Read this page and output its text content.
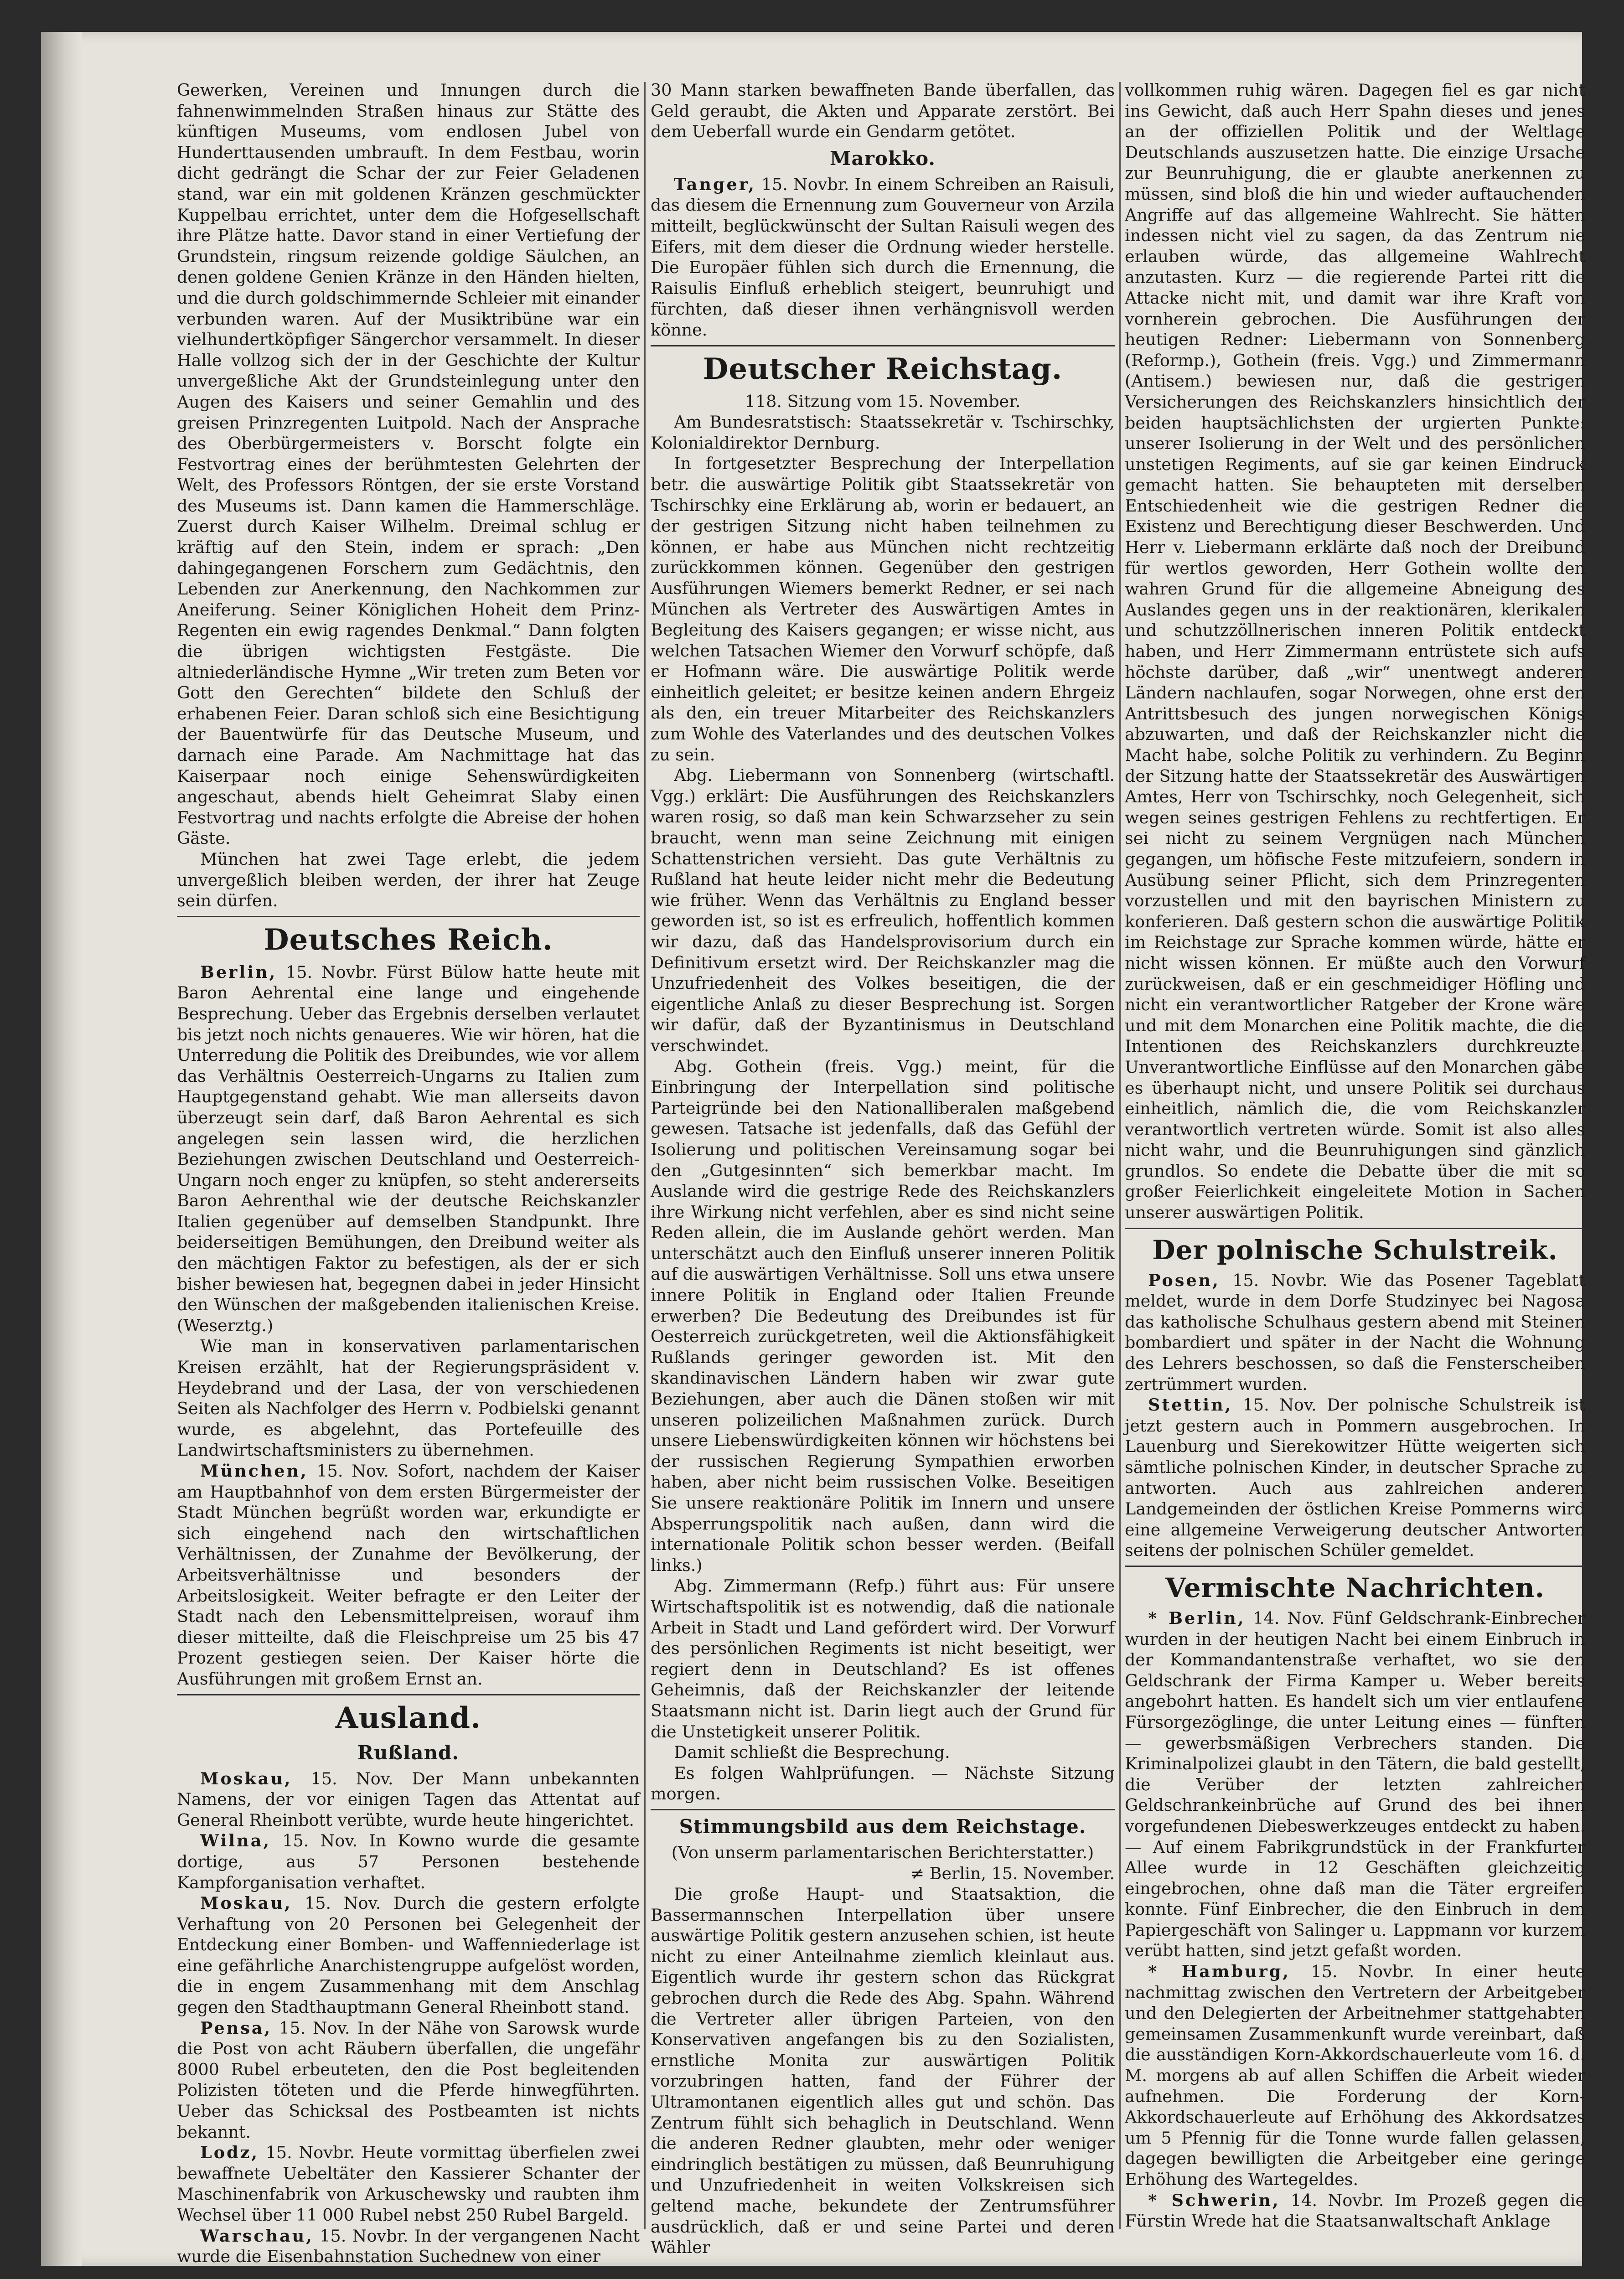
Gewerken, Vereinen und Innungen durch die fahnenwimmelnden Straßen hinaus zur Stätte des künftigen Museums, vom endlosen Jubel von Hunderttausenden umbrauft. In dem Festbau, worin dicht gedrängt die Schar der zur Feier Geladenen stand, war ein mit goldenen Kränzen geschmückter Kuppelbau errichtet, unter dem die Hofgesellschaft ihre Plätze hatte. Davor stand in einer Vertiefung der Grundstein, ringsum reizende goldige Säulchen, an denen goldene Genien Kränze in den Händen hielten, und die durch goldschimmernde Schleier mit einander verbunden waren. Auf der Musiktribüne war ein vielhundertköpfiger Sängerchor versammelt. In dieser Halle vollzog sich der in der Geschichte der Kultur unvergeßliche Akt der Grundsteinlegung unter den Augen des Kaisers und seiner Gemahlin und des greisen Prinzregenten Luitpold. Nach der Ansprache des Oberbürgermeisters v. Borscht folgte ein Festvortrag eines der berühmtesten Gelehrten der Welt, des Professors Röntgen, der sie erste Vorstand des Museums ist. Dann kamen die Hammerschläge. Zuerst durch Kaiser Wilhelm. Dreimal schlug er kräftig auf den Stein, indem er sprach: „Den dahingegangenen Forschern zum Gedächtnis, den Lebenden zur Anerkennung, den Nachkommen zur Aneiferung. Seiner Königlichen Hoheit dem Prinz-Regenten ein ewig ragendes Denkmal.“ Dann folgten die übrigen wichtigsten Festgäste. Die altniederländische Hymne „Wir treten zum Beten vor Gott den Gerechten“ bildete den Schluß der erhabenen Feier. Daran schloß sich eine Besichtigung der Bauentwürfe für das Deutsche Museum, und darnach eine Parade. Am Nachmittage hat das Kaiserpaar noch einige Sehenswürdigkeiten angeschaut, abends hielt Geheimrat Slaby einen Festvortrag und nachts erfolgte die Abreise der hohen Gäste.

München hat zwei Tage erlebt, die jedem unvergeßlich bleiben werden, der ihrer hat Zeuge sein dürfen.

Deutsches Reich.

Berlin, 15. Novbr. Fürst Bülow hatte heute mit Baron Aehrental eine lange und eingehende Besprechung. Ueber das Ergebnis derselben verlautet bis jetzt noch nichts genaueres. Wie wir hören, hat die Unterredung die Politik des Dreibundes, wie vor allem das Verhältnis Oesterreich-Ungarns zu Italien zum Hauptgegenstand gehabt. Wie man allerseits davon überzeugt sein darf, daß Baron Aehrental es sich angelegen sein lassen wird, die herzlichen Beziehungen zwischen Deutschland und Oesterreich-Ungarn noch enger zu knüpfen, so steht andererseits Baron Aehrenthal wie der deutsche Reichskanzler Italien gegenüber auf demselben Standpunkt. Ihre beiderseitigen Bemühungen, den Dreibund weiter als den mächtigen Faktor zu befestigen, als der er sich bisher bewiesen hat, begegnen dabei in jeder Hinsicht den Wünschen der maßgebenden italienischen Kreise. (Weserztg.)

Wie man in konservativen parlamentarischen Kreisen erzählt, hat der Regierungspräsident v. Heydebrand und der Lasa, der von verschiedenen Seiten als Nachfolger des Herrn v. Podbielski genannt wurde, es abgelehnt, das Portefeuille des Landwirtschaftsministers zu übernehmen.

München, 15. Nov. Sofort, nachdem der Kaiser am Hauptbahnhof von dem ersten Bürgermeister der Stadt München begrüßt worden war, erkundigte er sich eingehend nach den wirtschaftlichen Verhältnissen, der Zunahme der Bevölkerung, der Arbeitsverhältnisse und besonders der Arbeitslosigkeit. Weiter befragte er den Leiter der Stadt nach den Lebensmittelpreisen, worauf ihm dieser mitteilte, daß die Fleischpreise um 25 bis 47 Prozent gestiegen seien. Der Kaiser hörte die Ausführungen mit großem Ernst an.

Ausland.
Rußland.

Moskau, 15. Nov. Der Mann unbekannten Namens, der vor einigen Tagen das Attentat auf General Rheinbott verübte, wurde heute hingerichtet.

Wilna, 15. Nov. In Kowno wurde die gesamte dortige, aus 57 Personen bestehende Kampforganisation verhaftet.

Moskau, 15. Nov. Durch die gestern erfolgte Verhaftung von 20 Personen bei Gelegenheit der Entdeckung einer Bomben- und Waffenniederlage ist eine gefährliche Anarchistengruppe aufgelöst worden, die in engem Zusammenhang mit dem Anschlag gegen den Stadthauptmann General Rheinbott stand.

Pensa, 15. Nov. In der Nähe von Sarowsk wurde die Post von acht Räubern überfallen, die ungefähr 8000 Rubel erbeuteten, den die Post begleitenden Polizisten töteten und die Pferde hinwegführten. Ueber das Schicksal des Postbeamten ist nichts bekannt.

Lodz, 15. Novbr. Heute vormittag überfielen zwei bewaffnete Uebeltäter den Kassierer Schanter der Maschinenfabrik von Arkuschewsky und raubten ihm Wechsel über 11 000 Rubel nebst 250 Rubel Bargeld.

Warschau, 15. Novbr. In der vergangenen Nacht wurde die Eisenbahnstation Suchednew von einer

30 Mann starken bewaffneten Bande überfallen, das Geld geraubt, die Akten und Apparate zerstört. Bei dem Ueberfall wurde ein Gendarm getötet.

Marokko.

Tanger, 15. Novbr. In einem Schreiben an Raisuli, das diesem die Ernennung zum Gouverneur von Arzila mitteilt, beglückwünscht der Sultan Raisuli wegen des Eifers, mit dem dieser die Ordnung wieder herstelle. Die Europäer fühlen sich durch die Ernennung, die Raisulis Einfluß erheblich steigert, beunruhigt und fürchten, daß dieser ihnen verhängnisvoll werden könne.

Deutscher Reichstag.

118. Sitzung vom 15. November.

Am Bundesratstisch: Staatssekretär v. Tschirschky, Kolonialdirektor Dernburg.

In fortgesetzter Besprechung der Interpellation betr. die auswärtige Politik gibt Staatssekretär von Tschirschky eine Erklärung ab, worin er bedauert, an der gestrigen Sitzung nicht haben teilnehmen zu können, er habe aus München nicht rechtzeitig zurückkommen können. Gegenüber den gestrigen Ausführungen Wiemers bemerkt Redner, er sei nach München als Vertreter des Auswärtigen Amtes in Begleitung des Kaisers gegangen; er wisse nicht, aus welchen Tatsachen Wiemer den Vorwurf schöpfe, daß er Hofmann wäre. Die auswärtige Politik werde einheitlich geleitet; er besitze keinen andern Ehrgeiz als den, ein treuer Mitarbeiter des Reichskanzlers zum Wohle des Vaterlandes und des deutschen Volkes zu sein.

Abg. Liebermann von Sonnenberg (wirtschaftl. Vgg.) erklärt: Die Ausführungen des Reichskanzlers waren rosig, so daß man kein Schwarzseher zu sein braucht, wenn man seine Zeichnung mit einigen Schattenstrichen versieht. Das gute Verhältnis zu Rußland hat heute leider nicht mehr die Bedeutung wie früher. Wenn das Verhältnis zu England besser geworden ist, so ist es erfreulich, hoffentlich kommen wir dazu, daß das Handelsprovisorium durch ein Definitivum ersetzt wird. Der Reichskanzler mag die Unzufriedenheit des Volkes beseitigen, die der eigentliche Anlaß zu dieser Besprechung ist. Sorgen wir dafür, daß der Byzantinismus in Deutschland verschwindet.

Abg. Gothein (freis. Vgg.) meint, für die Einbringung der Interpellation sind politische Parteigründe bei den Nationalliberalen maßgebend gewesen. Tatsache ist jedenfalls, daß das Gefühl der Isolierung und politischen Vereinsamung sogar bei den „Gutgesinnten“ sich bemerkbar macht. Im Auslande wird die gestrige Rede des Reichskanzlers ihre Wirkung nicht verfehlen, aber es sind nicht seine Reden allein, die im Auslande gehört werden. Man unterschätzt auch den Einfluß unserer inneren Politik auf die auswärtigen Verhältnisse. Soll uns etwa unsere innere Politik in England oder Italien Freunde erwerben? Die Bedeutung des Dreibundes ist für Oesterreich zurückgetreten, weil die Aktionsfähigkeit Rußlands geringer geworden ist. Mit den skandinavischen Ländern haben wir zwar gute Beziehungen, aber auch die Dänen stoßen wir mit unseren polizeilichen Maßnahmen zurück. Durch unsere Liebenswürdigkeiten können wir höchstens bei der russischen Regierung Sympathien erworben haben, aber nicht beim russischen Volke. Beseitigen Sie unsere reaktionäre Politik im Innern und unsere Absperrungspolitik nach außen, dann wird die internationale Politik schon besser werden. (Beifall links.)

Abg. Zimmermann (Refp.) führt aus: Für unsere Wirtschaftspolitik ist es notwendig, daß die nationale Arbeit in Stadt und Land gefördert wird. Der Vorwurf des persönlichen Regiments ist nicht beseitigt, wer regiert denn in Deutschland? Es ist offenes Geheimnis, daß der Reichskanzler der leitende Staatsmann nicht ist. Darin liegt auch der Grund für die Unstetigkeit unserer Politik.

Damit schließt die Besprechung.

Es folgen Wahlprüfungen. — Nächste Sitzung morgen.

Stimmungsbild aus dem Reichstage.

(Von unserm parlamentarischen Berichterstatter.)

≠ Berlin, 15. November.

Die große Haupt- und Staatsaktion, die Bassermannschen Interpellation über unsere auswärtige Politik gestern anzusehen schien, ist heute nicht zu einer Anteilnahme ziemlich kleinlaut aus. Eigentlich wurde ihr gestern schon das Rückgrat gebrochen durch die Rede des Abg. Spahn. Während die Vertreter aller übrigen Parteien, von den Konservativen angefangen bis zu den Sozialisten, ernstliche Monita zur auswärtigen Politik vorzubringen hatten, fand der Führer der Ultramontanen eigentlich alles gut und schön. Das Zentrum fühlt sich behaglich in Deutschland. Wenn die anderen Redner glaubten, mehr oder weniger eindringlich bestätigen zu müssen, daß Beunruhigung und Unzufriedenheit in weiten Volkskreisen sich geltend mache, bekundete der Zentrumsführer ausdrücklich, daß er und seine Partei und deren Wähler

vollkommen ruhig wären. Dagegen fiel es gar nicht ins Gewicht, daß auch Herr Spahn dieses und jenes an der offiziellen Politik und der Weltlage Deutschlands auszusetzen hatte. Die einzige Ursache zur Beunruhigung, die er glaubte anerkennen zu müssen, sind bloß die hin und wieder auftauchenden Angriffe auf das allgemeine Wahlrecht. Sie hätten indessen nicht viel zu sagen, da das Zentrum nie erlauben würde, das allgemeine Wahlrecht anzutasten. Kurz — die regierende Partei ritt die Attacke nicht mit, und damit war ihre Kraft von vornherein gebrochen. Die Ausführungen der heutigen Redner: Liebermann von Sonnenberg (Reformp.), Gothein (freis. Vgg.) und Zimmermann (Antisem.) bewiesen nur, daß die gestrigen Versicherungen des Reichskanzlers hinsichtlich der beiden hauptsächlichsten der urgierten Punkte: unserer Isolierung in der Welt und des persönlichen unstetigen Regiments, auf sie gar keinen Eindruck gemacht hatten. Sie behaupteten mit derselben Entschiedenheit wie die gestrigen Redner die Existenz und Berechtigung dieser Beschwerden. Und Herr v. Liebermann erklärte daß noch der Dreibund für wertlos geworden, Herr Gothein wollte den wahren Grund für die allgemeine Abneigung des Auslandes gegen uns in der reaktionären, klerikalen und schutzzöllnerischen inneren Politik entdeckt haben, und Herr Zimmermann entrüstete sich aufs höchste darüber, daß „wir“ unentwegt anderen Ländern nachlaufen, sogar Norwegen, ohne erst den Antrittsbesuch des jungen norwegischen Königs abzuwarten, und daß der Reichskanzler nicht die Macht habe, solche Politik zu verhindern. Zu Beginn der Sitzung hatte der Staatssekretär des Auswärtigen Amtes, Herr von Tschirschky, noch Gelegenheit, sich wegen seines gestrigen Fehlens zu rechtfertigen. Er sei nicht zu seinem Vergnügen nach München gegangen, um höfische Feste mitzufeiern, sondern in Ausübung seiner Pflicht, sich dem Prinzregenten vorzustellen und mit den bayrischen Ministern zu konferieren. Daß gestern schon die auswärtige Politik im Reichstage zur Sprache kommen würde, hätte er nicht wissen können. Er müßte auch den Vorwurf zurückweisen, daß er ein geschmeidiger Höfling und nicht ein verantwortlicher Ratgeber der Krone wäre und mit dem Monarchen eine Politik machte, die die Intentionen des Reichskanzlers durchkreuzte. Unverantwortliche Einflüsse auf den Monarchen gäbe es überhaupt nicht, und unsere Politik sei durchaus einheitlich, nämlich die, die vom Reichskanzler verantwortlich vertreten würde. Somit ist also alles nicht wahr, und die Beunruhigungen sind gänzlich grundlos. So endete die Debatte über die mit so großer Feierlichkeit eingeleitete Motion in Sachen unserer auswärtigen Politik.

Der polnische Schulstreik.

Posen, 15. Novbr. Wie das Posener Tageblatt meldet, wurde in dem Dorfe Studzinyec bei Nagosa das katholische Schulhaus gestern abend mit Steinen bombardiert und später in der Nacht die Wohnung des Lehrers beschossen, so daß die Fensterscheiben zertrümmert wurden.

Stettin, 15. Nov. Der polnische Schulstreik ist jetzt gestern auch in Pommern ausgebrochen. In Lauenburg und Sierekowitzer Hütte weigerten sich sämtliche polnischen Kinder, in deutscher Sprache zu antworten. Auch aus zahlreichen anderen Landgemeinden der östlichen Kreise Pommerns wird eine allgemeine Verweigerung deutscher Antworten seitens der polnischen Schüler gemeldet.

Vermischte Nachrichten.

* Berlin, 14. Nov. Fünf Geldschrank-Einbrecher wurden in der heutigen Nacht bei einem Einbruch in der Kommandantenstraße verhaftet, wo sie den Geldschrank der Firma Kamper u. Weber bereits angebohrt hatten. Es handelt sich um vier entlaufene Fürsorgezöglinge, die unter Leitung eines — fünften — gewerbsmäßigen Verbrechers standen. Die Kriminalpolizei glaubt in den Tätern, die bald gestellt, die Verüber der letzten zahlreichen Geldschrankeinbrüche auf Grund des bei ihnen vorgefundenen Diebeswerkzeuges entdeckt zu haben. — Auf einem Fabrikgrundstück in der Frankfurter Allee wurde in 12 Geschäften gleichzeitig eingebrochen, ohne daß man die Täter ergreifen konnte. Fünf Einbrecher, die den Einbruch in dem Papiergeschäft von Salinger u. Lappmann vor kurzem verübt hatten, sind jetzt gefaßt worden.

* Hamburg, 15. Novbr. In einer heute nachmittag zwischen den Vertretern der Arbeitgeber und den Delegierten der Arbeitnehmer stattgehabten gemeinsamen Zusammenkunft wurde vereinbart, daß die ausständigen Korn-Akkordschauerleute vom 16. d. M. morgens ab auf allen Schiffen die Arbeit wieder aufnehmen. Die Forderung der Korn-Akkordschauerleute auf Erhöhung des Akkordsatzes um 5 Pfennig für die Tonne wurde fallen gelassen, dagegen bewilligten die Arbeitgeber eine geringe Erhöhung des Wartegeldes.

* Schwerin, 14. Novbr. Im Prozeß gegen die Fürstin Wrede hat die Staatsanwaltschaft Anklage
